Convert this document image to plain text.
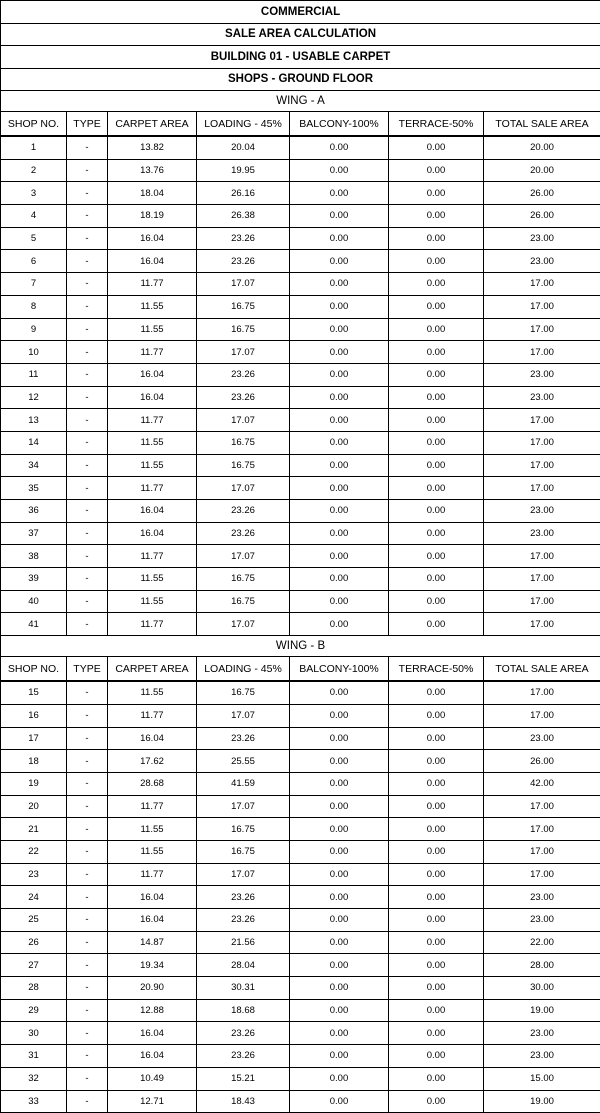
COMMERCIAL						
SALE AREA CALCULATION						
BUILDING 01 - USABLE CARPET						
SHOPS - GROUND FLOOR						
WING - A						
SHOP NO.	TYPE	CARPET AREA	LOADING - 45%	BALCONY-100%	TERRACE-50%	TOTAL SALE AREA
1	-	13.82	20.04	0.00	0.00	20.00
2	-	13.76	19.95	0.00	0.00	20.00
3	-	18.04	26.16	0.00	0.00	26.00
4	-	18.19	26.38	0.00	0.00	26.00
5	-	16.04	23.26	0.00	0.00	23.00
6	-	16.04	23.26	0.00	0.00	23.00
7	-	11.77	17.07	0.00	0.00	17.00
8	-	11.55	16.75	0.00	0.00	17.00
9	-	11.55	16.75	0.00	0.00	17.00
10	-	11.77	17.07	0.00	0.00	17.00
11	-	16.04	23.26	0.00	0.00	23.00
12	-	16.04	23.26	0.00	0.00	23.00
13	-	11.77	17.07	0.00	0.00	17.00
14	-	11.55	16.75	0.00	0.00	17.00
34	-	11.55	16.75	0.00	0.00	17.00
35	-	11.77	17.07	0.00	0.00	17.00
36	-	16.04	23.26	0.00	0.00	23.00
37	-	16.04	23.26	0.00	0.00	23.00
38	-	11.77	17.07	0.00	0.00	17.00
39	-	11.55	16.75	0.00	0.00	17.00
40	-	11.55	16.75	0.00	0.00	17.00
41	-	11.77	17.07	0.00	0.00	17.00
WING - B						
SHOP NO.	TYPE	CARPET AREA	LOADING - 45%	BALCONY-100%	TERRACE-50%	TOTAL SALE AREA
15	-	11.55	16.75	0.00	0.00	17.00
16	-	11.77	17.07	0.00	0.00	17.00
17	-	16.04	23.26	0.00	0.00	23.00
18	-	17.62	25.55	0.00	0.00	26.00
19	-	28.68	41.59	0.00	0.00	42.00
20	-	11.77	17.07	0.00	0.00	17.00
21	-	11.55	16.75	0.00	0.00	17.00
22	-	11.55	16.75	0.00	0.00	17.00
23	-	11.77	17.07	0.00	0.00	17.00
24	-	16.04	23.26	0.00	0.00	23.00
25	-	16.04	23.26	0.00	0.00	23.00
26	-	14.87	21.56	0.00	0.00	22.00
27	-	19.34	28.04	0.00	0.00	28.00
28	-	20.90	30.31	0.00	0.00	30.00
29	-	12.88	18.68	0.00	0.00	19.00
30	-	16.04	23.26	0.00	0.00	23.00
31	-	16.04	23.26	0.00	0.00	23.00
32	-	10.49	15.21	0.00	0.00	15.00
33	-	12.71	18.43	0.00	0.00	19.00
